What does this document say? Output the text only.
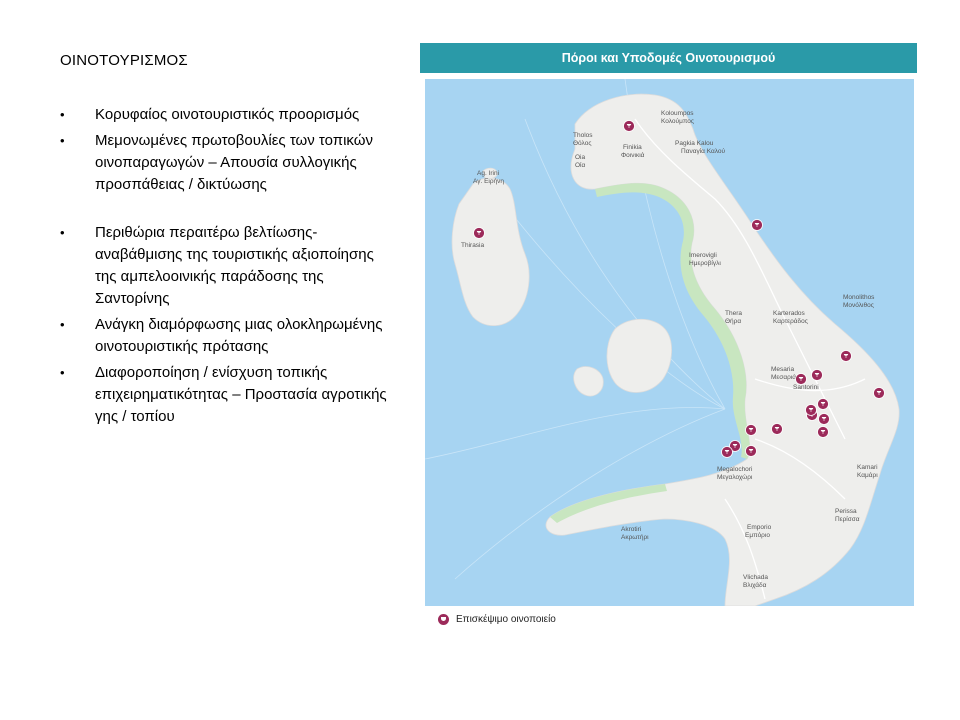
ΟΙΝΟΤΟΥΡΙΣΜΟΣ
• Κορυφαίος οινοτουριστικός προορισμός
• Μεμονωμένες πρωτοβουλίες των τοπικών οινοπαραγωγών – Απουσία συλλογικής προσπάθειας / δικτύωσης
• Περιθώρια περαιτέρω βελτίωσης-αναβάθμισης της τουριστικής αξιοποίησης της αμπελοοινικής παράδοσης της Σαντορίνης
• Ανάγκη διαμόρφωσης μιας ολοκληρωμένης οινοτουριστικής πρότασης
• Διαφοροποίηση / ενίσχυση τοπικής επιχειρηματικότητας – Προστασία αγροτικής γης / τοπίου
Πόροι και Υποδομές Οινοτουρισμού
Koloumpos
Κολούμπος
Tholos
Θόλος
Oia
Οία
Finikia
Φοινικιά
Pagkia Kalou
Παναγία Καλού
Ag. Irini
Αγ. Ειρήνη
Thirasia
Imerovigli
Ημεροβίγλι
Thera
Θήρα
Karterados
Καρτεράδος
Monolithos
Μονόλιθος
Mesaria
Μεσαριά
Santorini
Kamari
Καμάρι
Megalochori
Μεγαλοχώρι
Akrotiri
Ακρωτήρι
Emporio
Εμπόριο
Perissa
Περίσσα
Vlichada
Βλιχάδα
Επισκέψιμο οινοποιείο
